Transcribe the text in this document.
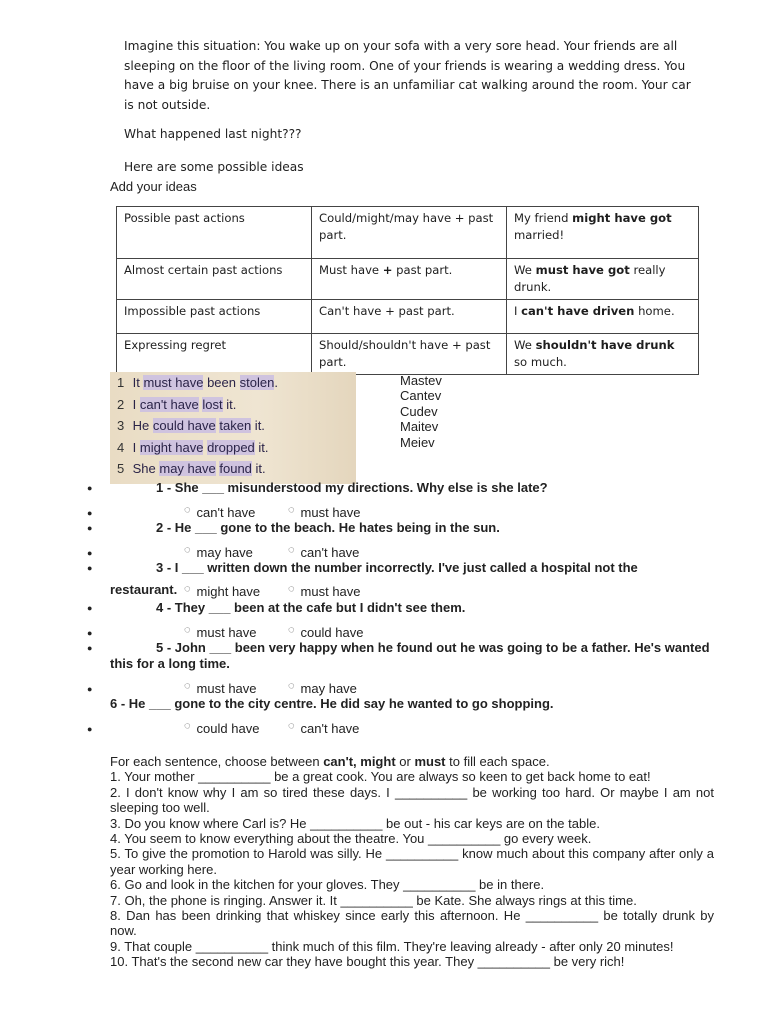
Imagine this situation: You wake up on your sofa with a very sore head. Your friends are all sleeping on the floor of the living room. One of your friends is wearing a wedding dress. You have a big bruise on your knee. There is an unfamiliar cat walking around the room. Your car is not outside.

What happened last night???
Here are some possible ideas
Add your ideas
Possible past actions	Could/might/may have + past part.	My friend might have got married!
Almost certain past actions	Must have + past part.	We must have got really drunk.
Impossible past actions	Can't have + past part.	I can't have driven home.
Expressing regret	Should/shouldn't have + past part.	We shouldn't have drunk so much.
1 It must have been stolen.
2 I can't have lost it.
3 He could have taken it.
4 I might have dropped it.
5 She may have found it.
Mastev
Cantev
Cudev
Maitev
Meiev
●	1 - She ___ misunderstood my directions. Why else is she late?
●	◌ can't have	◌ must have
●	2 - He ___ gone to the beach. He hates being in the sun.
●	◌ may have	◌ can't have
●	3 - I ___ written down the number incorrectly. I've just called a hospital not the
restaurant. ◌ might have	◌ must have
●	4 - They ___ been at the cafe but I didn't see them.
●	◌ must have	◌ could have
●	5 - John ___ been very happy when he found out he was going to be a father. He's wanted this for a long time.
●	◌ must have	◌ may have
6 - He ___ gone to the city centre. He did say he wanted to go shopping.
●	◌ could have	◌ can't have

For each sentence, choose between can't, might or must to fill each space.

1. Your mother __________ be a great cook. You are always so keen to get back home to eat!

2. I don't know why I am so tired these days. I __________ be working too hard. Or maybe I am not sleeping too well.

3. Do you know where Carl is? He __________ be out - his car keys are on the table.

4. You seem to know everything about the theatre. You __________ go every week.

5. To give the promotion to Harold was silly. He __________ know much about this company after only a year working here.

6. Go and look in the kitchen for your gloves. They __________ be in there.

7. Oh, the phone is ringing. Answer it. It __________ be Kate. She always rings at this time.

8. Dan has been drinking that whiskey since early this afternoon. He __________ be totally drunk by now.

9. That couple __________ think much of this film. They're leaving already - after only 20 minutes!

10. That's the second new car they have bought this year. They __________ be very rich!
